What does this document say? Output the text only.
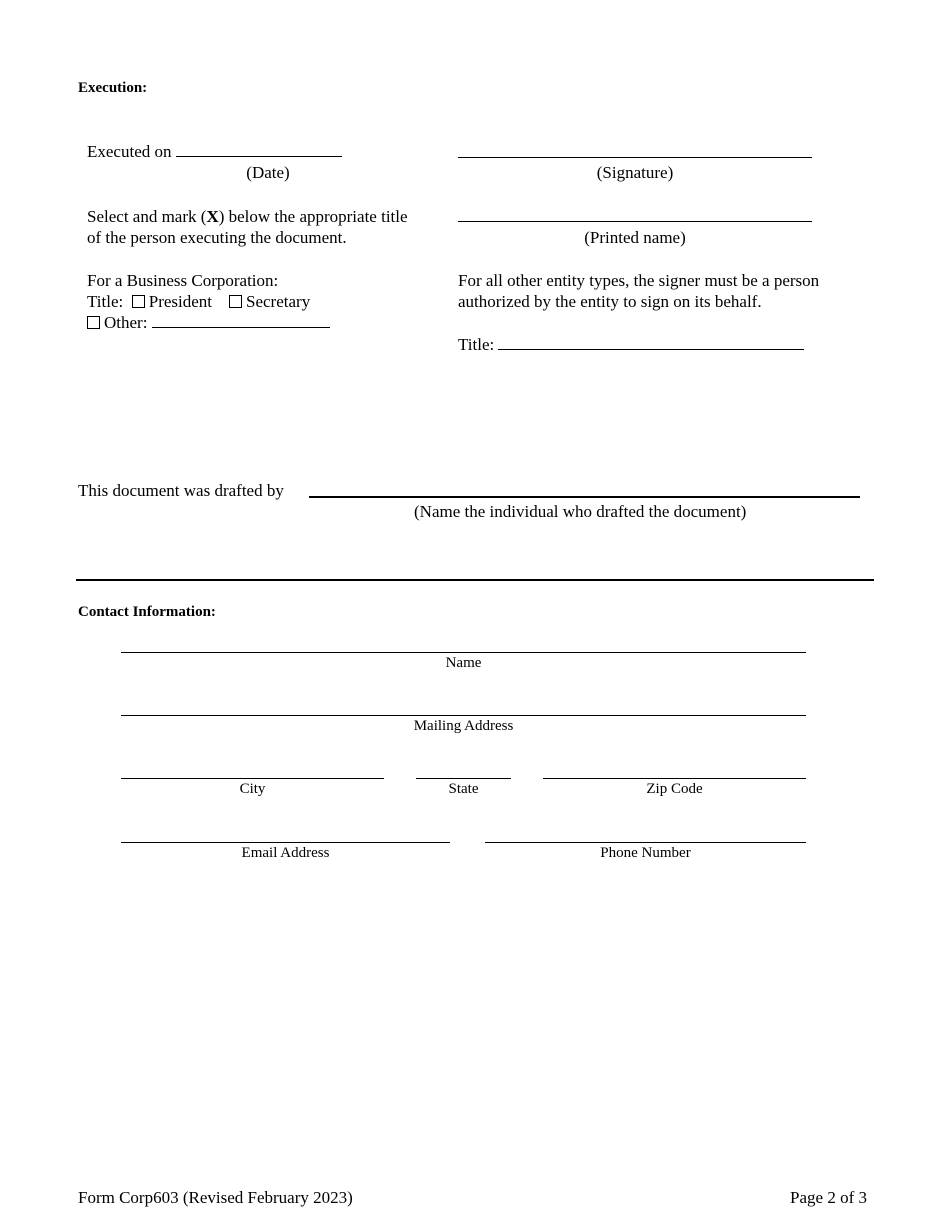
Execution:
Executed on
(Date)	(Signature)
Select and mark (X) below the appropriate title
of the person executing the document.	(Printed name)
For a Business Corporation:
Title: President Secretary
Other:
For all other entity types, the signer must be a person
authorized by the entity to sign on its behalf.
Title:
This document was drafted by
(Name the individual who drafted the document)
Contact Information:
Name
Mailing Address
City	State	Zip Code
Email Address	Phone Number
Form Corp603 (Revised February 2023)	Page 2 of 3
